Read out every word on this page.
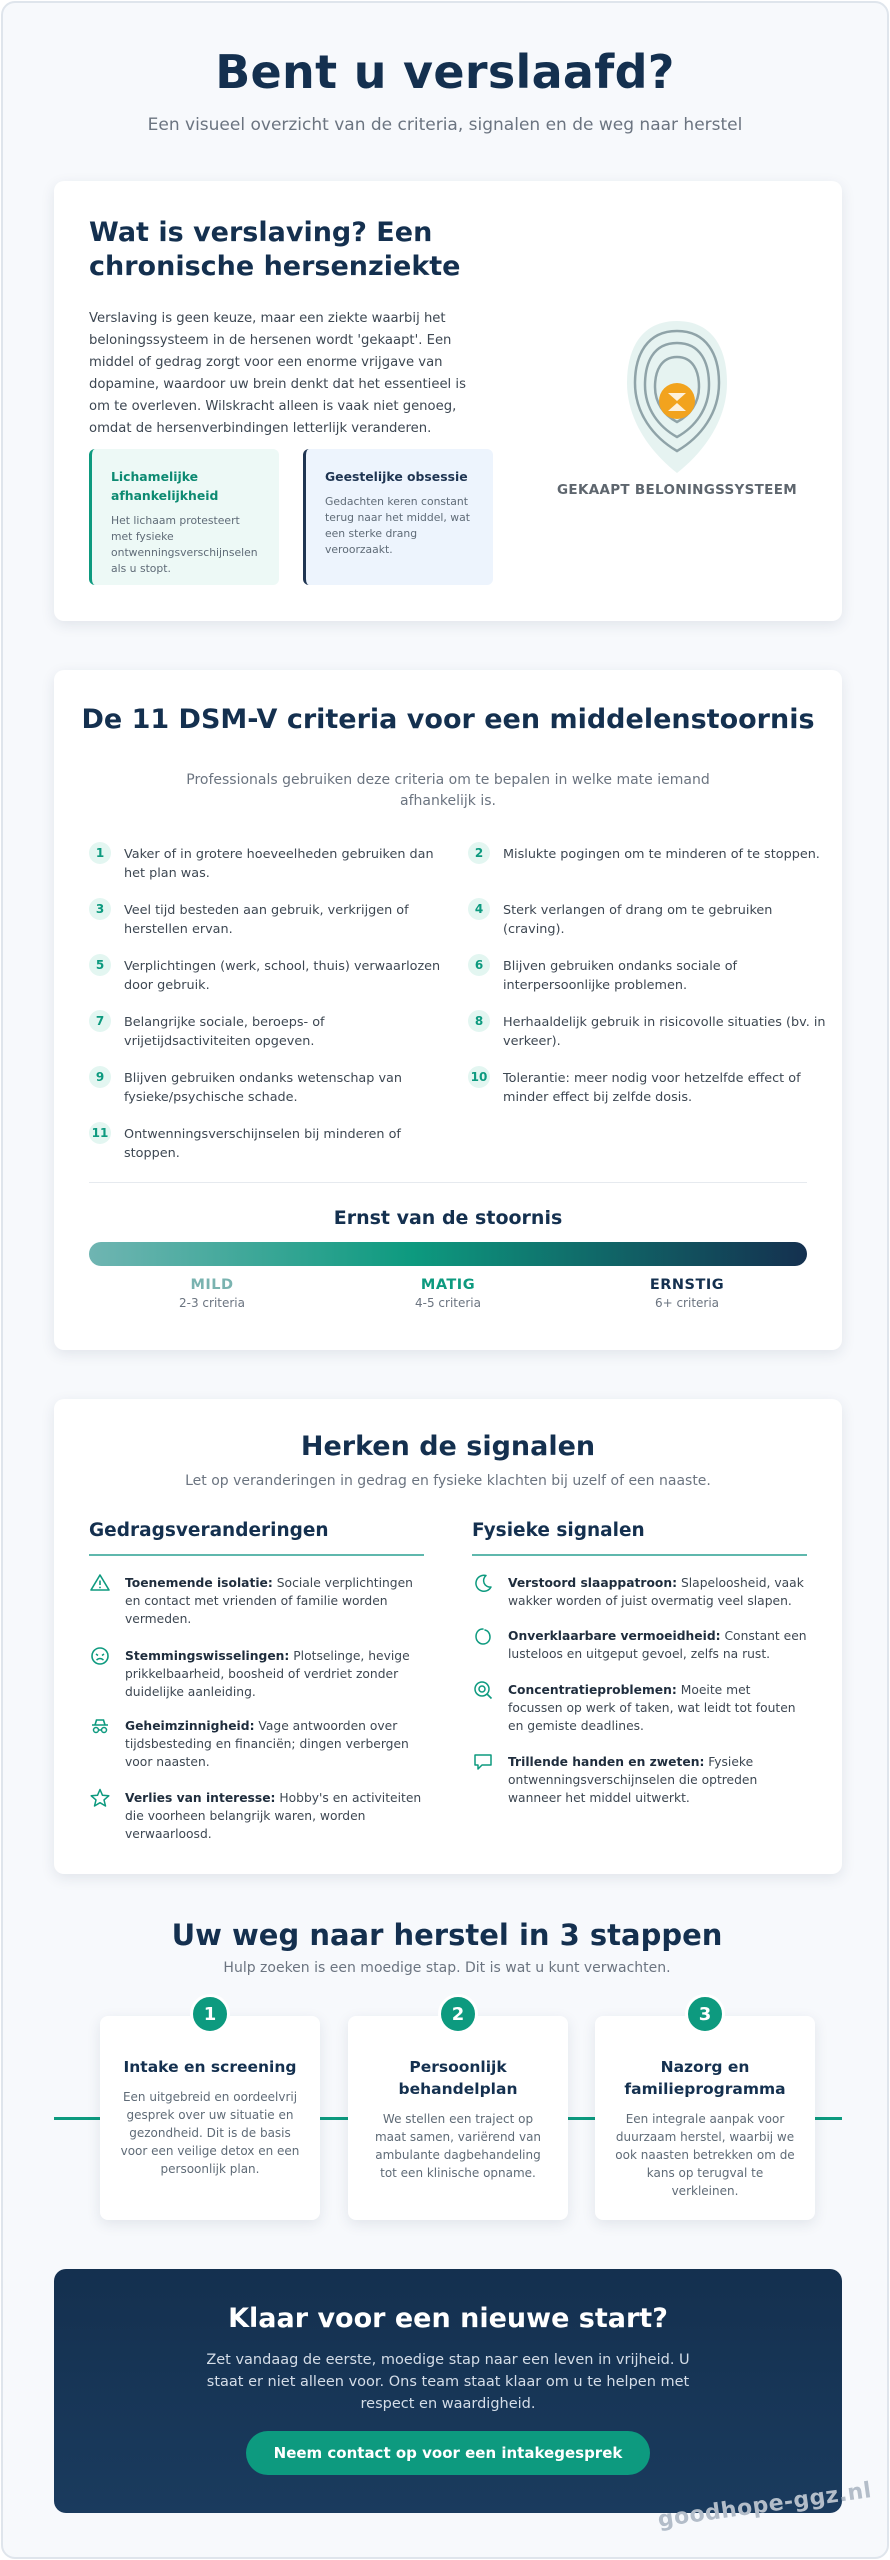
Bent u verslaafd?

Een visueel overzicht van de criteria, signalen en de weg naar herstel

Wat is verslaving? Een chronische hersenziekte

Verslaving is geen keuze, maar een ziekte waarbij het beloningssysteem in de hersenen wordt 'gekaapt'. Een middel of gedrag zorgt voor een enorme vrijgave van dopamine, waardoor uw brein denkt dat het essentieel is om te overleven. Wilskracht alleen is vaak niet genoeg, omdat de hersenverbindingen letterlijk veranderen.

Lichamelijke afhankelijkheid

Het lichaam protesteert met fysieke ontwenningsverschijnselen als u stopt.

Geestelijke obsessie

Gedachten keren constant terug naar het middel, wat een sterke drang veroorzaakt.

GEKAAPT BELONINGSSYSTEEM
De 11 DSM-V criteria voor een middelenstoornis
Professionals gebruiken deze criteria om te bepalen in welke mate iemand afhankelijk is.
1	Vaker of in grotere hoeveelheden gebruiken dan het plan was.
2	Mislukte pogingen om te minderen of te stoppen.
3	Veel tijd besteden aan gebruik, verkrijgen of herstellen ervan.
4	Sterk verlangen of drang om te gebruiken (craving).
5	Verplichtingen (werk, school, thuis) verwaarlozen door gebruik.
6	Blijven gebruiken ondanks sociale of interpersoonlijke problemen.
7	Belangrijke sociale, beroeps- of vrijetijdsactiviteiten opgeven.
8	Herhaaldelijk gebruik in risicovolle situaties (bv. in verkeer).
9	Blijven gebruiken ondanks wetenschap van fysieke/psychische schade.
10 Tolerantie: meer nodig voor hetzelfde effect of minder effect bij zelfde dosis.
11 Ontwenningsverschijnselen bij minderen of stoppen.
Ernst van de stoornis
MILD
2-3 criteria
MATIG
4-5 criteria
ERNSTIG
6+ criteria
Herken de signalen
Let op veranderingen in gedrag en fysieke klachten bij uzelf of een naaste.
Gedragsveranderingen	Fysieke signalen
Toenemende isolatie: Sociale verplichtingen en contact met vrienden of familie worden vermeden.
Stemmingswisselingen: Plotselinge, hevige prikkelbaarheid, boosheid of verdriet zonder duidelijke aanleiding.
Geheimzinnigheid: Vage antwoorden over tijdsbesteding en financiën; dingen verbergen voor naasten.
Verlies van interesse: Hobby's en activiteiten die voorheen belangrijk waren, worden verwaarloosd.
Verstoord slaappatroon: Slapeloosheid, vaak wakker worden of juist overmatig veel slapen.
Onverklaarbare vermoeidheid: Constant een lusteloos en uitgeput gevoel, zelfs na rust.
Concentratieproblemen: Moeite met focussen op werk of taken, wat leidt tot fouten en gemiste deadlines.
Trillende handen en zweten: Fysieke ontwenningsverschijnselen die optreden wanneer het middel uitwerkt.
Uw weg naar herstel in 3 stappen
Hulp zoeken is een moedige stap. Dit is wat u kunt verwachten.
1
Intake en screening

Een uitgebreid en oordeelvrij gesprek over uw situatie en gezondheid. Dit is de basis voor een veilige detox en een persoonlijk plan.

2
Persoonlijk behandelplan

We stellen een traject op maat samen, variërend van ambulante dagbehandeling tot een klinische opname.

3
Nazorg en familieprogramma

Een integrale aanpak voor duurzaam herstel, waarbij we ook naasten betrekken om de kans op terugval te verkleinen.

Klaar voor een nieuwe start?

Zet vandaag de eerste, moedige stap naar een leven in vrijheid. U staat er niet alleen voor. Ons team staat klaar om u te helpen met respect en waardigheid.

Neem contact op voor een intakegesprek
goodhope-ggz.nl
